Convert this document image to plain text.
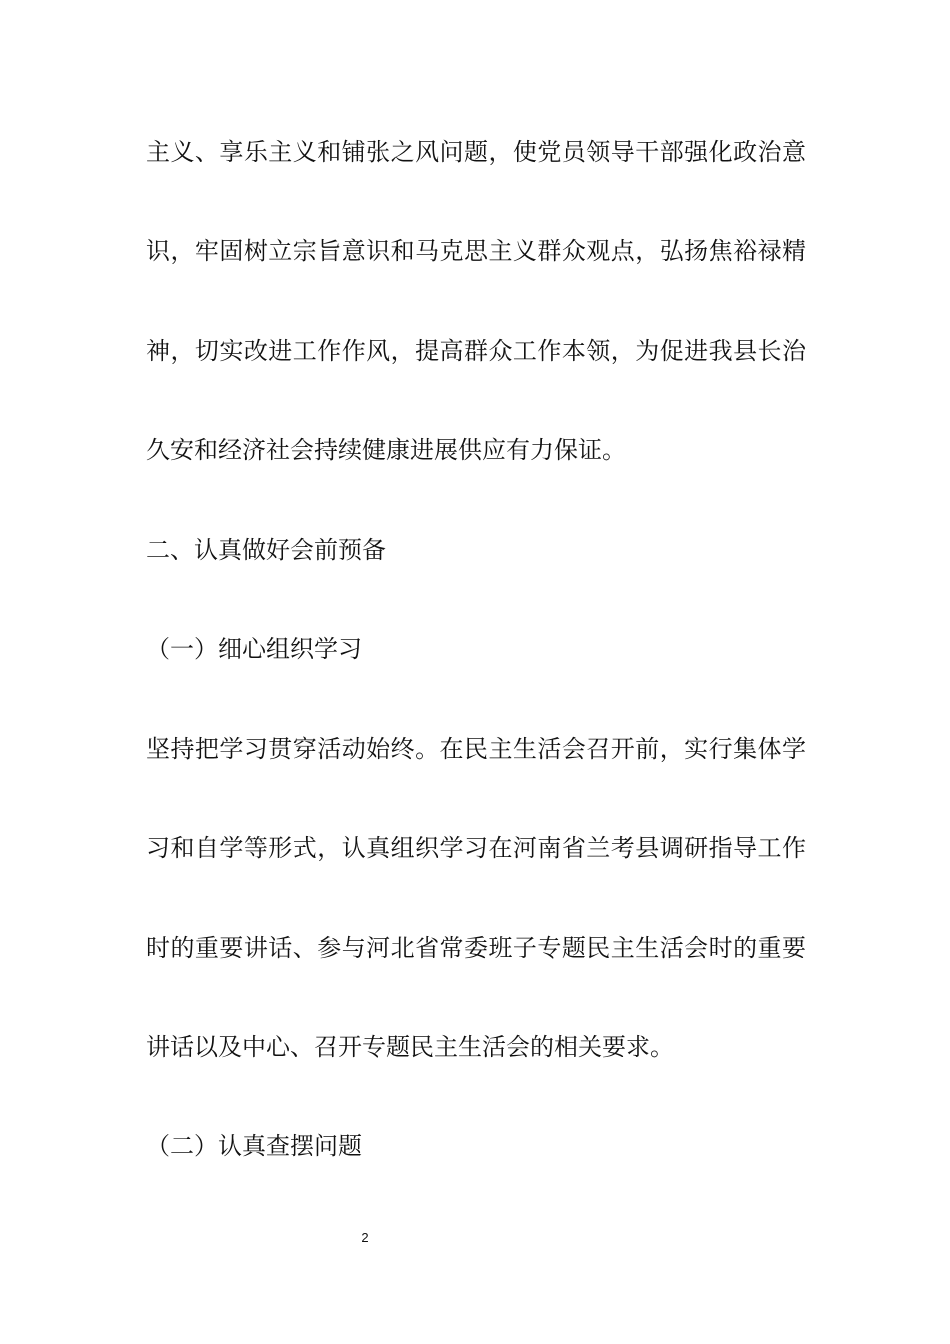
主义、享乐主义和铺张之风问题，使党员领导干部强化政治意
识，牢固树立宗旨意识和马克思主义群众观点，弘扬焦裕禄精
神，切实改进工作作风，提高群众工作本领，为促进我县长治
久安和经济社会持续健康进展供应有力保证。
二、认真做好会前预备
（一）细心组织学习
坚持把学习贯穿活动始终。在民主生活会召开前，实行集体学
习和自学等形式，认真组织学习在河南省兰考县调研指导工作
时的重要讲话、参与河北省常委班子专题民主生活会时的重要
讲话以及中心、召开专题民主生活会的相关要求。
（二）认真查摆问题
2
